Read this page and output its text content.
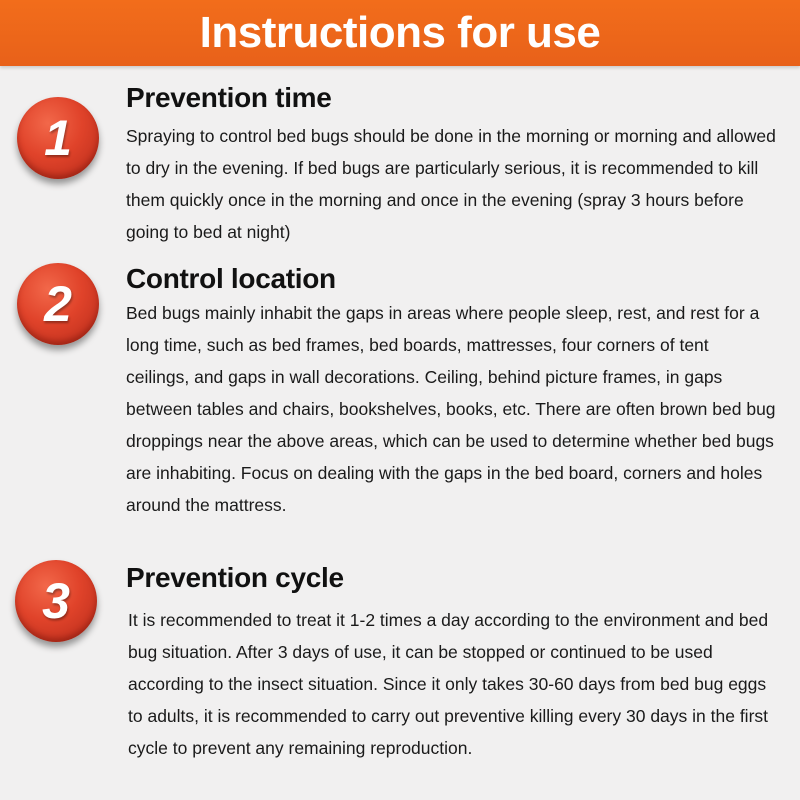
Instructions for use
1
Prevention time

Spraying to control bed bugs should be done in the morning or morning and allowed to dry in the evening. If bed bugs are particularly serious, it is recommended to kill them quickly once in the morning and once in the evening (spray 3 hours before going to bed at night)

2	Control location

Bed bugs mainly inhabit the gaps in areas where people sleep, rest, and rest for a long time, such as bed frames, bed boards, mattresses, four corners of tent ceilings, and gaps in wall decorations. Ceiling, behind picture frames, in gaps between tables and chairs, bookshelves, books, etc. There are often brown bed bug droppings near the above areas, which can be used to determine whether bed bugs are inhabiting. Focus on dealing with the gaps in the bed board, corners and holes around the mattress.

3	Prevention cycle

It is recommended to treat it 1-2 times a day according to the environment and bed bug situation. After 3 days of use, it can be stopped or continued to be used according to the insect situation. Since it only takes 30-60 days from bed bug eggs to adults, it is recommended to carry out preventive killing every 30 days in the first cycle to prevent any remaining reproduction.
